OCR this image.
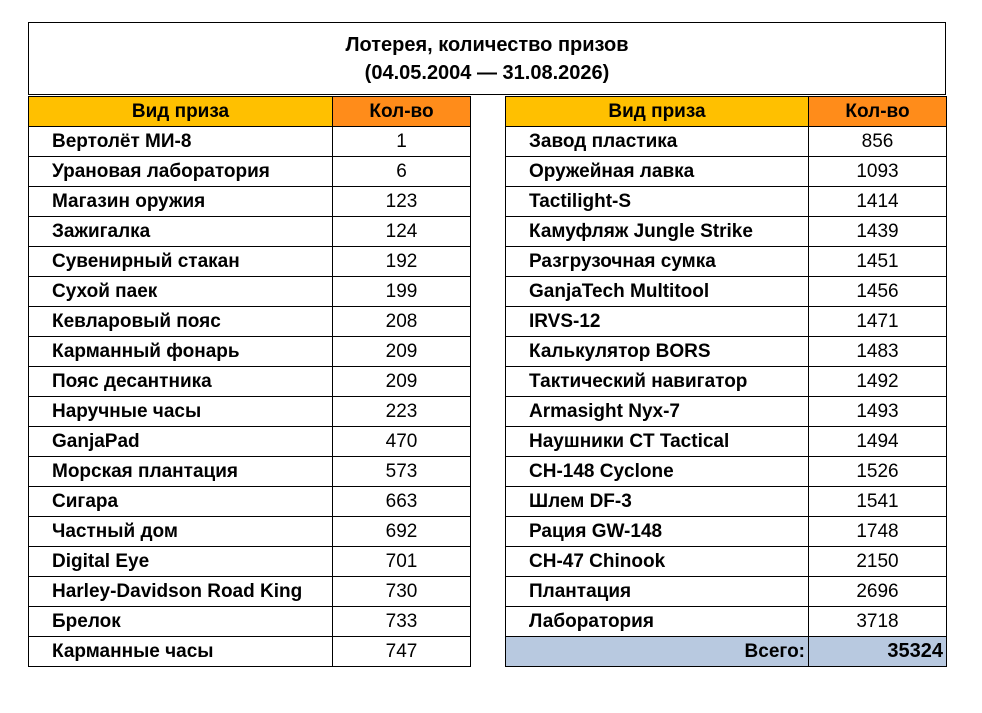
Лотерея, количество призов
(04.05.2004 — 31.08.2026)
Вид приза	Кол-во
Вертолёт МИ-8	1
Урановая лаборатория	6
Магазин оружия	123
Зажигалка	124
Сувенирный стакан	192
Сухой паек	199
Кевларовый пояс	208
Карманный фонарь	209
Пояс десантника	209
Наручные часы	223
GanjaPad	470
Морская плантация	573
Сигара	663
Частный дом	692
Digital Eye	701
Harley-Davidson Road King	730
Брелок	733
Карманные часы	747
Вид приза	Кол-во
Завод пластика	856
Оружейная лавка	1093
Tactilight-S	1414
Камуфляж Jungle Strike	1439
Разгрузочная сумка	1451
GanjaTech Multitool	1456
IRVS-12	1471
Калькулятор BORS	1483
Тактический навигатор	1492
Armasight Nyx-7	1493
Наушники CT Tactical	1494
CH-148 Cyclone	1526
Шлем DF-3	1541
Рация GW-148	1748
CH-47 Chinook	2150
Плантация	2696
Лаборатория	3718
Всего:	35324
